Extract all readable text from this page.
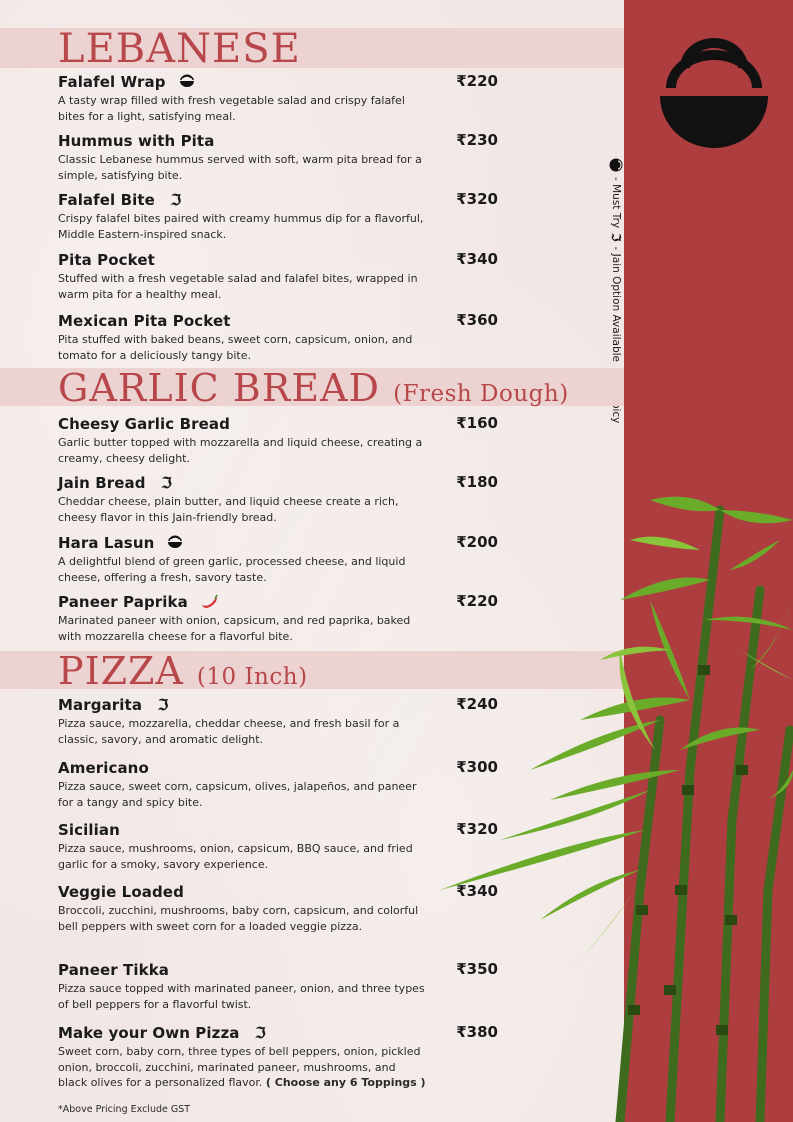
- Must Try
ℑ
- Jain Option Available
LEBANESE
GARLIC BREAD (Fresh Dough)
PIZZA (10 Inch)
Falafel Wrap	₹220
A tasty wrap filled with fresh vegetable salad and crispy falafel bites for a light, satisfying meal.
Hummus with Pita	₹230
Classic Lebanese hummus served with soft, warm pita bread for a simple, satisfying bite.
Falafel Bite ℑ	₹320
Crispy falafel bites paired with creamy hummus dip for a flavorful, Middle Eastern-inspired snack.
Pita Pocket	₹340
Stuffed with a fresh vegetable salad and falafel bites, wrapped in warm pita for a healthy meal.
Mexican Pita Pocket	₹360
Pita stuffed with baked beans, sweet corn, capsicum, onion, and tomato for a deliciously tangy bite.
Cheesy Garlic Bread	₹160
Garlic butter topped with mozzarella and liquid cheese, creating a creamy, cheesy delight.
Jain Bread ℑ	₹180
Cheddar cheese, plain butter, and liquid cheese create a rich, cheesy flavor in this Jain-friendly bread.
Hara Lasun	₹200
A delightful blend of green garlic, processed cheese, and liquid cheese, offering a fresh, savory taste.
Paneer Paprika	₹220
Marinated paneer with onion, capsicum, and red paprika, baked with mozzarella cheese for a flavorful bite.
Margarita ℑ	₹240
Pizza sauce, mozzarella, cheddar cheese, and fresh basil for a classic, savory, and aromatic delight.
Americano	₹300
Pizza sauce, sweet corn, capsicum, olives, jalapeños, and paneer for a tangy and spicy bite.
Sicilian	₹320
Pizza sauce, mushrooms, onion, capsicum, BBQ sauce, and fried garlic for a smoky, savory experience.
Veggie Loaded	₹340
Broccoli, zucchini, mushrooms, baby corn, capsicum, and colorful bell peppers with sweet corn for a loaded veggie pizza.
Paneer Tikka	₹350
Pizza sauce topped with marinated paneer, onion, and three types of bell peppers for a flavorful twist.
Make your Own Pizza ℑ	₹380
Sweet corn, baby corn, three types of bell peppers, onion, pickled onion, broccoli, zucchini, marinated paneer, mushrooms, and black olives for a personalized flavor. ( Choose any 6 Toppings )
*Above Pricing Exclude GST
